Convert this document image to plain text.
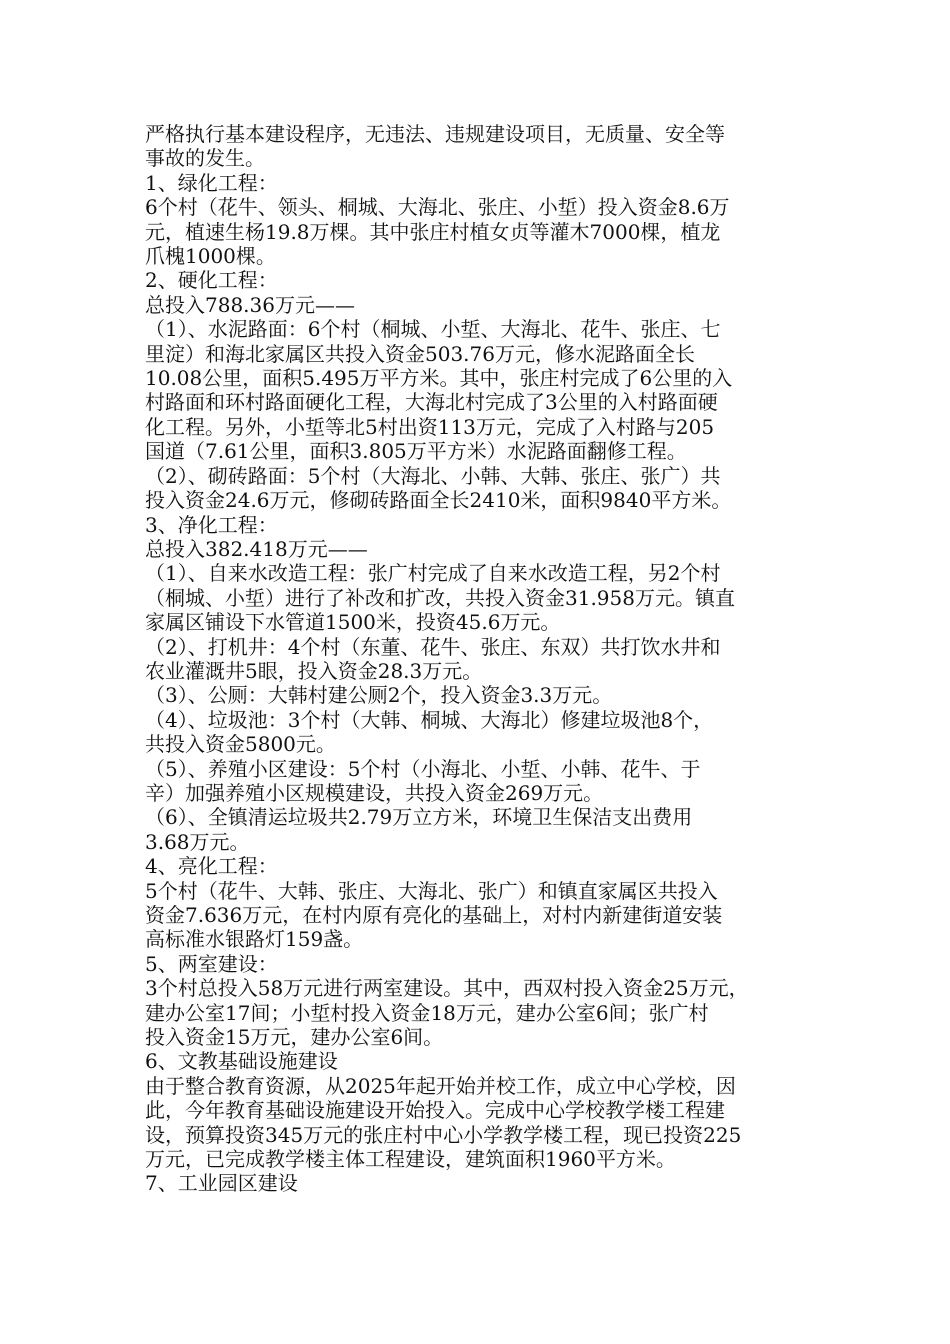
严格执行基本建设程序，无违法、违规建设项目，无质量、安全等
事故的发生。
1、绿化工程：
6个村（花牛、领头、桐城、大海北、张庄、小埑）投入资金8.6万
元，植速生杨19.8万棵。其中张庄村植女贞等灌木7000棵，植龙
爪槐1000棵。
2、硬化工程：
总投入788.36万元——
（1）、水泥路面：6个村（桐城、小埑、大海北、花牛、张庄、七
里淀）和海北家属区共投入资金503.76万元，修水泥路面全长
10.08公里，面积5.495万平方米。其中，张庄村完成了6公里的入
村路面和环村路面硬化工程，大海北村完成了3公里的入村路面硬
化工程。另外，小埑等北5村出资113万元，完成了入村路与205
国道（7.61公里，面积3.805万平方米）水泥路面翻修工程。
（2）、砌砖路面：5个村（大海北、小韩、大韩、张庄、张广）共
投入资金24.6万元，修砌砖路面全长2410米，面积9840平方米。
3、净化工程：
总投入382.418万元——
（1）、自来水改造工程：张广村完成了自来水改造工程，另2个村
（桐城、小埑）进行了补改和扩改，共投入资金31.958万元。镇直
家属区铺设下水管道1500米，投资45.6万元。
（2）、打机井：4个村（东董、花牛、张庄、东双）共打饮水井和
农业灌溉井5眼，投入资金28.3万元。
（3）、公厕：大韩村建公厕2个，投入资金3.3万元。
（4）、垃圾池：3个村（大韩、桐城、大海北）修建垃圾池8个，
共投入资金5800元。
（5）、养殖小区建设：5个村（小海北、小埑、小韩、花牛、于
辛）加强养殖小区规模建设，共投入资金269万元。
（6）、全镇清运垃圾共2.79万立方米，环境卫生保洁支出费用
3.68万元。
4、亮化工程：
5个村（花牛、大韩、张庄、大海北、张广）和镇直家属区共投入
资金7.636万元，在村内原有亮化的基础上，对村内新建街道安装
高标准水银路灯159盏。
5、两室建设：
3个村总投入58万元进行两室建设。其中，西双村投入资金25万元，
建办公室17间；小埑村投入资金18万元，建办公室6间；张广村
投入资金15万元，建办公室6间。
6、文教基础设施建设
由于整合教育资源，从2025年起开始并校工作，成立中心学校，因
此，今年教育基础设施建设开始投入。完成中心学校教学楼工程建
设，预算投资345万元的张庄村中心小学教学楼工程，现已投资225
万元，已完成教学楼主体工程建设，建筑面积1960平方米。
7、工业园区建设
